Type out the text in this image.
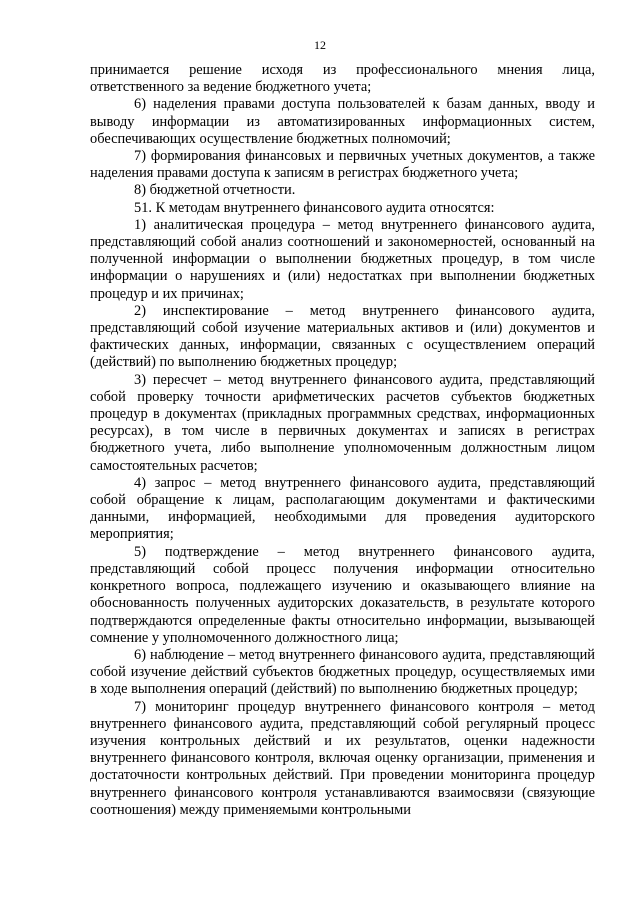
12

принимается решение исходя из профессионального мнения лица, ответственного за ведение бюджетного учета;

6) наделения правами доступа пользователей к базам данных, вводу и выводу информации из автоматизированных информационных систем, обеспечивающих осуществление бюджетных полномочий;

7) формирования финансовых и первичных учетных документов, а также наделения правами доступа к записям в регистрах бюджетного учета;

8) бюджетной отчетности.

51. К методам внутреннего финансового аудита относятся:

1) аналитическая процедура – метод внутреннего финансового аудита, представляющий собой анализ соотношений и закономерностей, основанный на полученной информации о выполнении бюджетных процедур, в том числе информации о нарушениях и (или) недостатках при выполнении бюджетных процедур и их причинах;

2) инспектирование – метод внутреннего финансового аудита, представляющий собой изучение материальных активов и (или) документов и фактических данных, информации, связанных с осуществлением операций (действий) по выполнению бюджетных процедур;

3) пересчет – метод внутреннего финансового аудита, представляющий собой проверку точности арифметических расчетов субъектов бюджетных процедур в документах (прикладных программных средствах, информационных ресурсах), в том числе в первичных документах и записях в регистрах бюджетного учета, либо выполнение уполномоченным должностным лицом самостоятельных расчетов;

4) запрос – метод внутреннего финансового аудита, представляющий собой обращение к лицам, располагающим документами и фактическими данными, информацией, необходимыми для проведения аудиторского мероприятия;

5) подтверждение – метод внутреннего финансового аудита, представляющий собой процесс получения информации относительно конкретного вопроса, подлежащего изучению и оказывающего влияние на обоснованность полученных аудиторских доказательств, в результате которого подтверждаются определенные факты относительно информации, вызывающей сомнение у уполномоченного должностного лица;

6) наблюдение – метод внутреннего финансового аудита, представляющий собой изучение действий субъектов бюджетных процедур, осуществляемых ими в ходе выполнения операций (действий) по выполнению бюджетных процедур;

7) мониторинг процедур внутреннего финансового контроля – метод внутреннего финансового аудита, представляющий собой регулярный процесс изучения контрольных действий и их результатов, оценки надежности внутреннего финансового контроля, включая оценку организации, применения и достаточности контрольных действий. При проведении мониторинга процедур внутреннего финансового контроля устанавливаются взаимосвязи (связующие соотношения) между применяемыми контрольными
